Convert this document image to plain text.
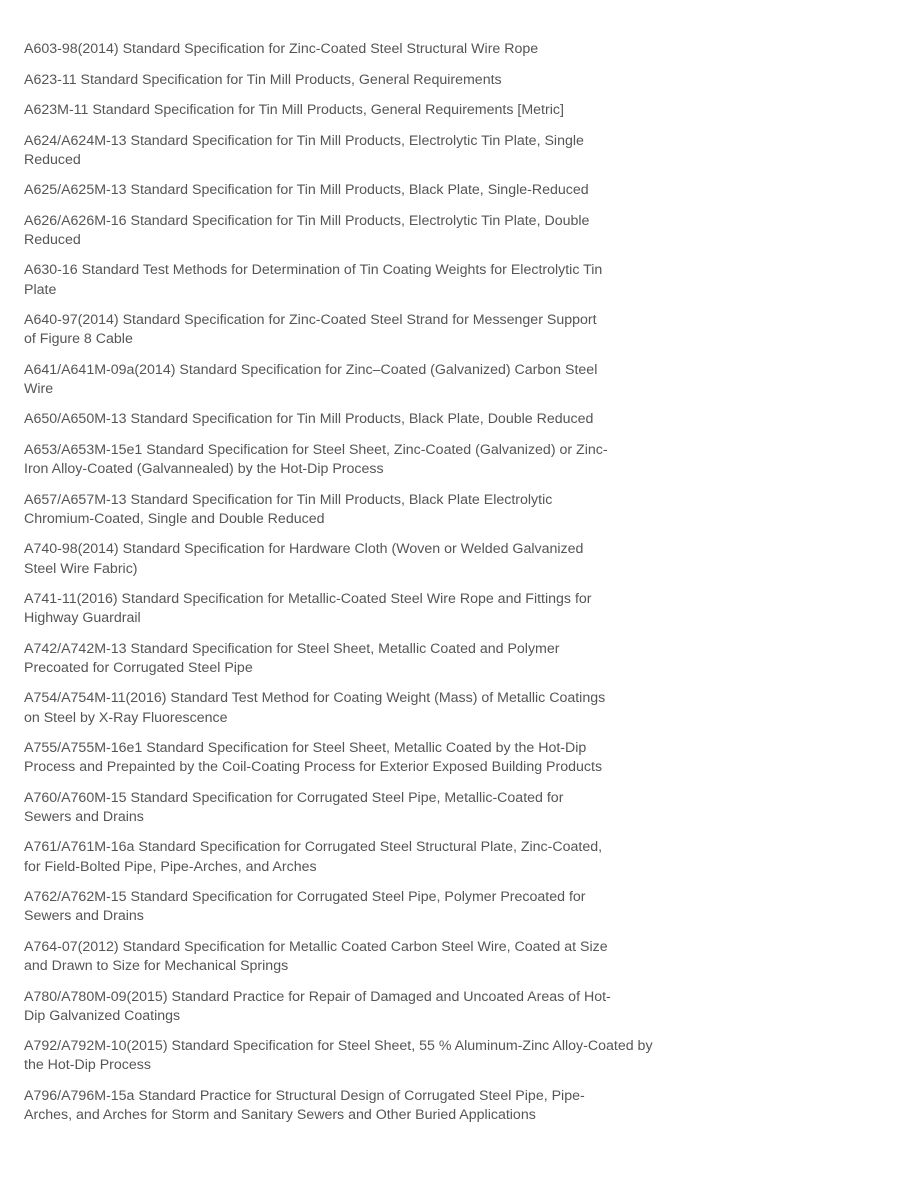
A603-98(2014) Standard Specification for Zinc-Coated Steel Structural Wire Rope
A623-11 Standard Specification for Tin Mill Products, General Requirements
A623M-11 Standard Specification for Tin Mill Products, General Requirements [Metric]
A624/A624M-13 Standard Specification for Tin Mill Products, Electrolytic Tin Plate, Single
Reduced
A625/A625M-13 Standard Specification for Tin Mill Products, Black Plate, Single-Reduced
A626/A626M-16 Standard Specification for Tin Mill Products, Electrolytic Tin Plate, Double
Reduced
A630-16 Standard Test Methods for Determination of Tin Coating Weights for Electrolytic Tin
Plate
A640-97(2014) Standard Specification for Zinc-Coated Steel Strand for Messenger Support
of Figure 8 Cable
A641/A641M-09a(2014) Standard Specification for Zinc–Coated (Galvanized) Carbon Steel
Wire
A650/A650M-13 Standard Specification for Tin Mill Products, Black Plate, Double Reduced
A653/A653M-15e1 Standard Specification for Steel Sheet, Zinc-Coated (Galvanized) or Zinc-
Iron Alloy-Coated (Galvannealed) by the Hot-Dip Process
A657/A657M-13 Standard Specification for Tin Mill Products, Black Plate Electrolytic
Chromium-Coated, Single and Double Reduced
A740-98(2014) Standard Specification for Hardware Cloth (Woven or Welded Galvanized
Steel Wire Fabric)
A741-11(2016) Standard Specification for Metallic-Coated Steel Wire Rope and Fittings for
Highway Guardrail
A742/A742M-13 Standard Specification for Steel Sheet, Metallic Coated and Polymer
Precoated for Corrugated Steel Pipe
A754/A754M-11(2016) Standard Test Method for Coating Weight (Mass) of Metallic Coatings
on Steel by X-Ray Fluorescence
A755/A755M-16e1 Standard Specification for Steel Sheet, Metallic Coated by the Hot-Dip
Process and Prepainted by the Coil-Coating Process for Exterior Exposed Building Products
A760/A760M-15 Standard Specification for Corrugated Steel Pipe, Metallic-Coated for
Sewers and Drains
A761/A761M-16a Standard Specification for Corrugated Steel Structural Plate, Zinc-Coated,
for Field-Bolted Pipe, Pipe-Arches, and Arches
A762/A762M-15 Standard Specification for Corrugated Steel Pipe, Polymer Precoated for
Sewers and Drains
A764-07(2012) Standard Specification for Metallic Coated Carbon Steel Wire, Coated at Size
and Drawn to Size for Mechanical Springs
A780/A780M-09(2015) Standard Practice for Repair of Damaged and Uncoated Areas of Hot-
Dip Galvanized Coatings
A792/A792M-10(2015) Standard Specification for Steel Sheet, 55 % Aluminum-Zinc Alloy-Coated by
the Hot-Dip Process
A796/A796M-15a Standard Practice for Structural Design of Corrugated Steel Pipe, Pipe-
Arches, and Arches for Storm and Sanitary Sewers and Other Buried Applications
